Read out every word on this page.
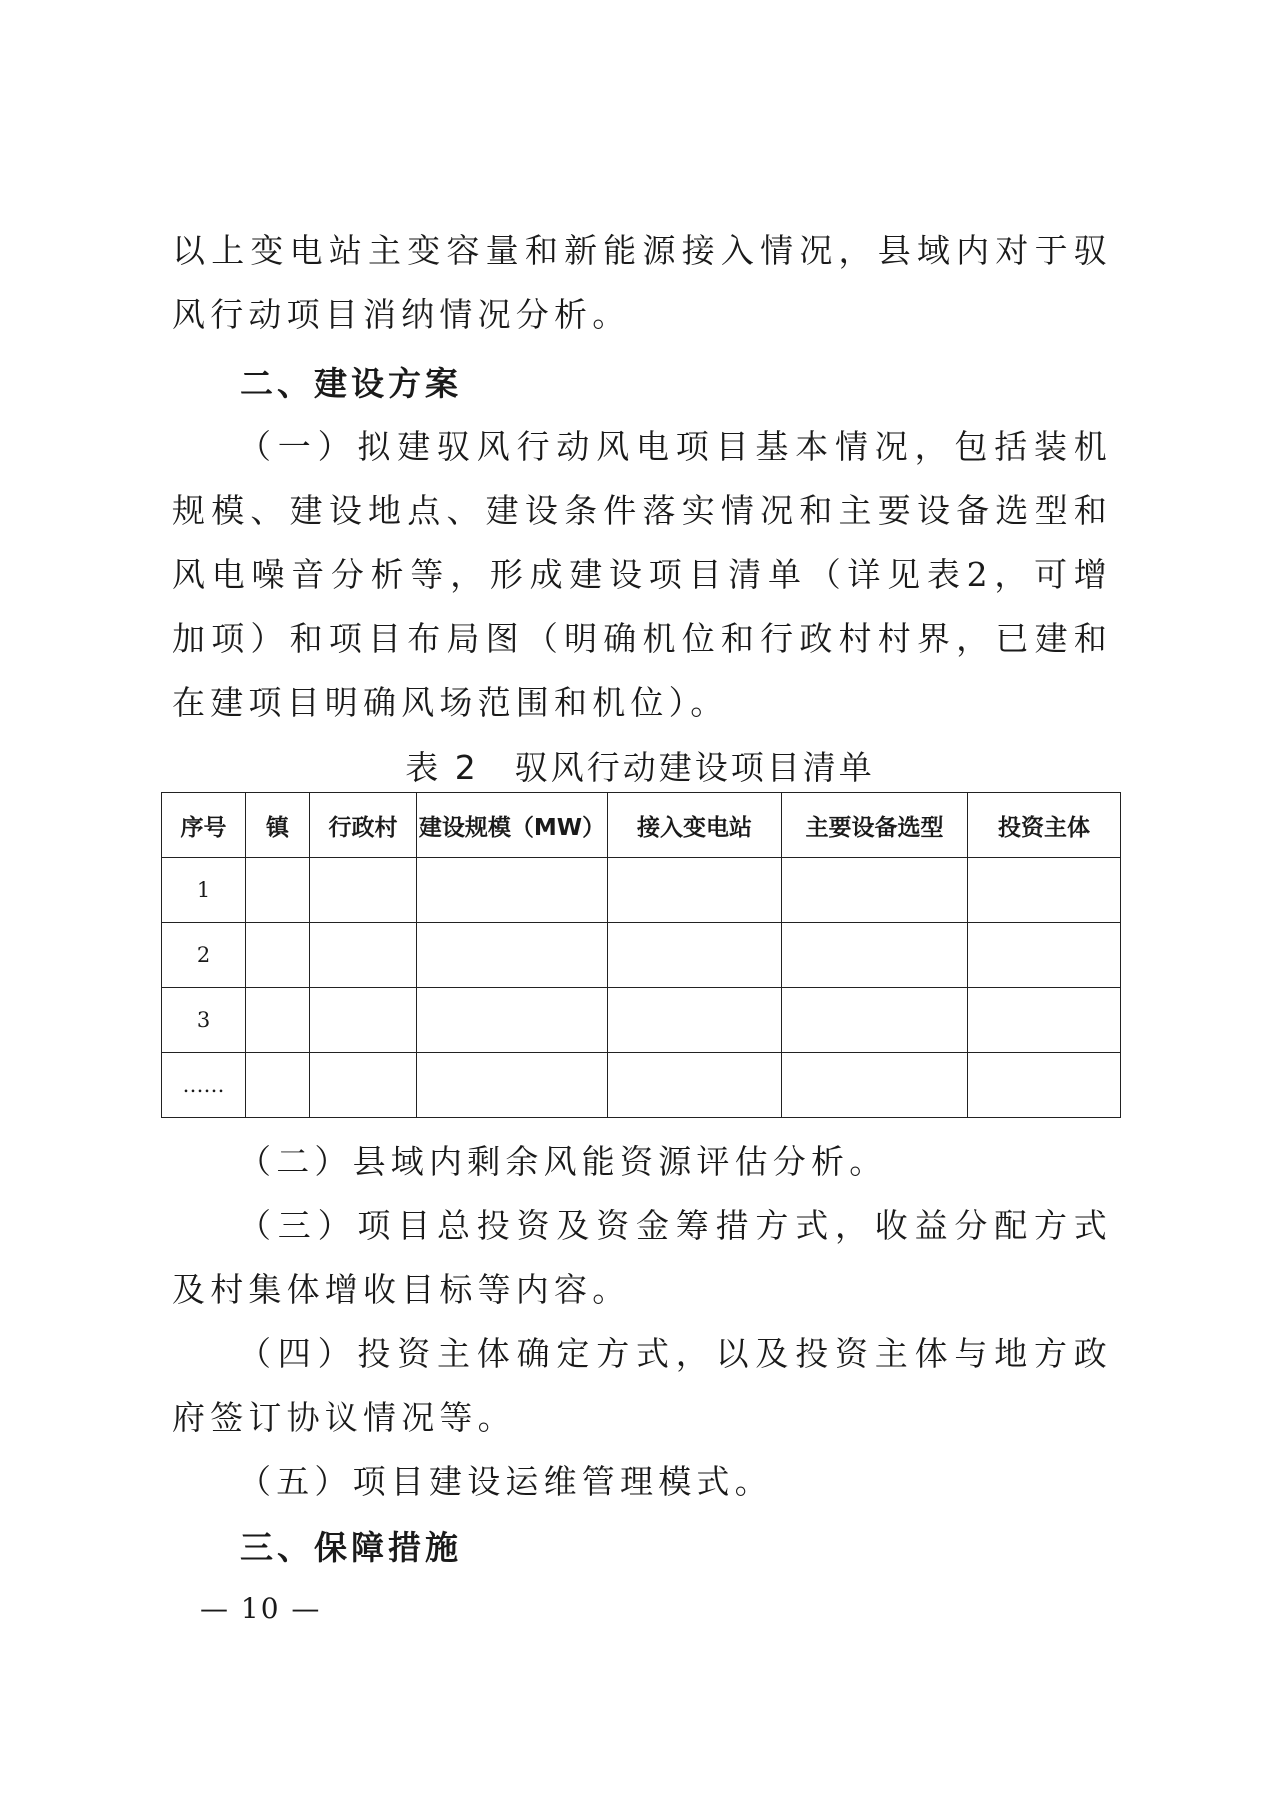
以上变电站主变容量和新能源接入情况，县域内对于驭风行动项目消纳情况分析。

二、建设方案

（一）拟建驭风行动风电项目基本情况，包括装机规模、建设地点、建设条件落实情况和主要设备选型和风电噪音分析等，形成建设项目清单（详见表2，可增加项）和项目布局图（明确机位和行政村村界，已建和在建项目明确风场范围和机位）。

表 2　驭风行动建设项目清单

序号	镇	行政村	建设规模（MW）	接入变电站	主要设备选型	投资主体
1						
2						
3						
……						

（二）县域内剩余风能资源评估分析。

（三）项目总投资及资金筹措方式，收益分配方式及村集体增收目标等内容。

（四）投资主体确定方式，以及投资主体与地方政府签订协议情况等。

（五）项目建设运维管理模式。

三、保障措施

— 10 —
